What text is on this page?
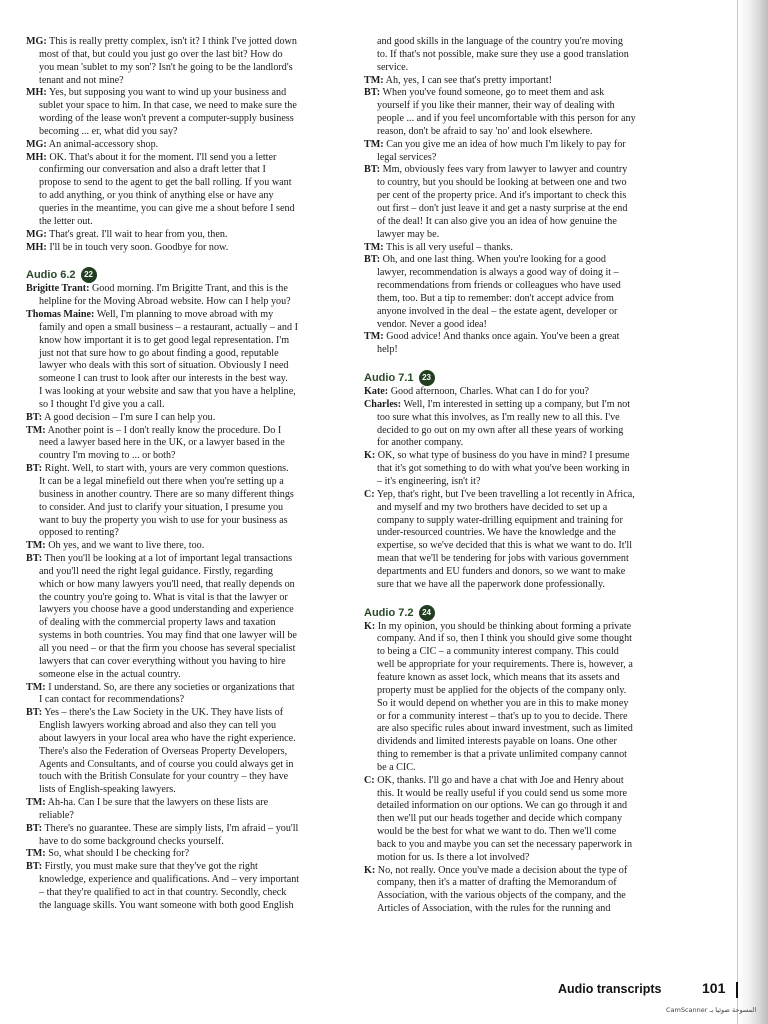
MG: This is really pretty complex, isn't it? I think I've jotted down
most of that, but could you just go over the last bit? How do
you mean 'sublet to my son'? Isn't he going to be the landlord's
tenant and not mine?
MH: Yes, but supposing you want to wind up your business and
sublet your space to him. In that case, we need to make sure the
wording of the lease won't prevent a computer-supply business
becoming ... er, what did you say?
MG: An animal-accessory shop.
MH: OK. That's about it for the moment. I'll send you a letter
confirming our conversation and also a draft letter that I
propose to send to the agent to get the ball rolling. If you want
to add anything, or you think of anything else or have any
queries in the meantime, you can give me a shout before I send
the letter out.
MG: That's great. I'll wait to hear from you, then.
MH: I'll be in touch very soon. Goodbye for now.
Audio 6.2	22
Brigitte Trant: Good morning. I'm Brigitte Trant, and this is the
helpline for the Moving Abroad website. How can I help you?
Thomas Maine: Well, I'm planning to move abroad with my
family and open a small business – a restaurant, actually – and I
know how important it is to get good legal representation. I'm
just not that sure how to go about finding a good, reputable
lawyer who deals with this sort of situation. Obviously I need
someone I can trust to look after our interests in the best way.
I was looking at your website and saw that you have a helpline,
so I thought I'd give you a call.
BT: A good decision – I'm sure I can help you.
TM: Another point is – I don't really know the procedure. Do I
need a lawyer based here in the UK, or a lawyer based in the
country I'm moving to ... or both?
BT: Right. Well, to start with, yours are very common questions.
It can be a legal minefield out there when you're setting up a
business in another country. There are so many different things
to consider. And just to clarify your situation, I presume you
want to buy the property you wish to use for your business as
opposed to renting?
TM: Oh yes, and we want to live there, too.
BT: Then you'll be looking at a lot of important legal transactions
and you'll need the right legal guidance. Firstly, regarding
which or how many lawyers you'll need, that really depends on
the country you're going to. What is vital is that the lawyer or
lawyers you choose have a good understanding and experience
of dealing with the commercial property laws and taxation
systems in both countries. You may find that one lawyer will be
all you need – or that the firm you choose has several specialist
lawyers that can cover everything without you having to hire
someone else in the actual country.
TM: I understand. So, are there any societies or organizations that
I can contact for recommendations?
BT: Yes – there's the Law Society in the UK. They have lists of
English lawyers working abroad and also they can tell you
about lawyers in your local area who have the right experience.
There's also the Federation of Overseas Property Developers,
Agents and Consultants, and of course you could always get in
touch with the British Consulate for your country – they have
lists of English-speaking lawyers.
TM: Ah-ha. Can I be sure that the lawyers on these lists are
reliable?
BT: There's no guarantee. These are simply lists, I'm afraid – you'll
have to do some background checks yourself.
TM: So, what should I be checking for?
BT: Firstly, you must make sure that they've got the right
knowledge, experience and qualifications. And – very important
– that they're qualified to act in that country. Secondly, check
the language skills. You want someone with both good English
and good skills in the language of the country you're moving
to. If that's not possible, make sure they use a good translation
service.
TM: Ah, yes, I can see that's pretty important!
BT: When you've found someone, go to meet them and ask
yourself if you like their manner, their way of dealing with
people ... and if you feel uncomfortable with this person for any
reason, don't be afraid to say 'no' and look elsewhere.
TM: Can you give me an idea of how much I'm likely to pay for
legal services?
BT: Mm, obviously fees vary from lawyer to lawyer and country
to country, but you should be looking at between one and two
per cent of the property price. And it's important to check this
out first – don't just leave it and get a nasty surprise at the end
of the deal! It can also give you an idea of how genuine the
lawyer may be.
TM: This is all very useful – thanks.
BT: Oh, and one last thing. When you're looking for a good
lawyer, recommendation is always a good way of doing it –
recommendations from friends or colleagues who have used
them, too. But a tip to remember: don't accept advice from
anyone involved in the deal – the estate agent, developer or
vendor. Never a good idea!
TM: Good advice! And thanks once again. You've been a great
help!
Audio 7.1	23
Kate: Good afternoon, Charles. What can I do for you?
Charles: Well, I'm interested in setting up a company, but I'm not
too sure what this involves, as I'm really new to all this. I've
decided to go out on my own after all these years of working
for another company.
K: OK, so what type of business do you have in mind? I presume
that it's got something to do with what you've been working in
– it's engineering, isn't it?
C: Yep, that's right, but I've been travelling a lot recently in Africa,
and myself and my two brothers have decided to set up a
company to supply water-drilling equipment and training for
under-resourced countries. We have the knowledge and the
expertise, so we've decided that this is what we want to do. It'll
mean that we'll be tendering for jobs with various government
departments and EU funders and donors, so we want to make
sure that we have all the paperwork done professionally.
Audio 7.2	24
K: In my opinion, you should be thinking about forming a private
company. And if so, then I think you should give some thought
to being a CIC – a community interest company. This could
well be appropriate for your requirements. There is, however, a
feature known as asset lock, which means that its assets and
property must be applied for the objects of the company only.
So it would depend on whether you are in this to make money
or for a community interest – that's up to you to decide. There
are also specific rules about inward investment, such as limited
dividends and limited interests payable on loans. One other
thing to remember is that a private unlimited company cannot
be a CIC.
C: OK, thanks. I'll go and have a chat with Joe and Henry about
this. It would be really useful if you could send us some more
detailed information on our options. We can go through it and
then we'll put our heads together and decide which company
would be the best for what we want to do. Then we'll come
back to you and maybe you can set the necessary paperwork in
motion for us. Is there a lot involved?
K: No, not really. Once you've made a decision about the type of
company, then it's a matter of drafting the Memorandum of
Association, with the various objects of the company, and the
Articles of Association, with the rules for the running and
Audio transcripts	101
CamScanner المسوحة ضوئيا بـ
